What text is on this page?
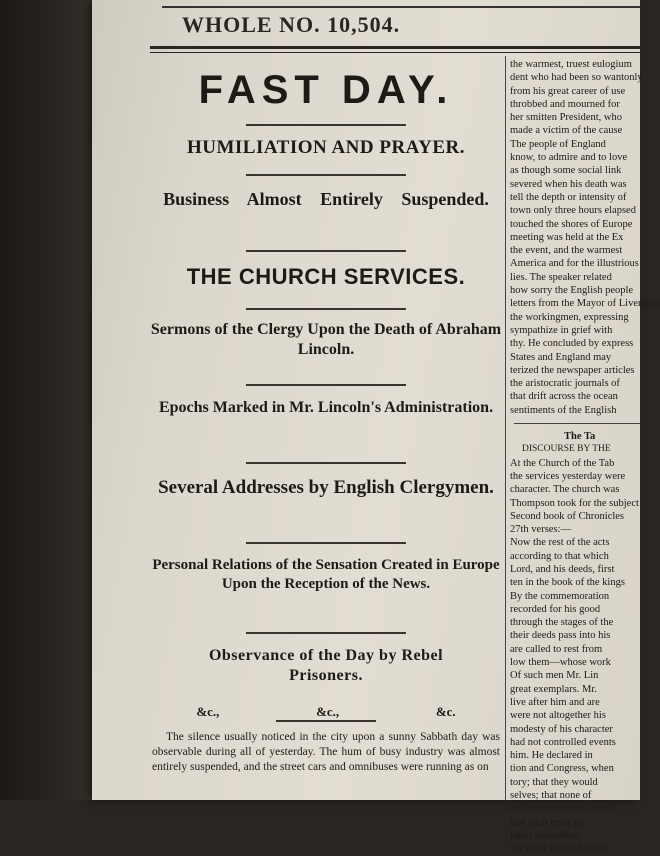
WHOLE NO. 10,504.
FAST DAY.
HUMILIATION AND PRAYER.
Business Almost Entirely Suspended.
THE CHURCH SERVICES.
Sermons of the Clergy Upon the Death of Abraham Lincoln.
Epochs Marked in Mr. Lincoln's Administration.
Several Addresses by English Clergymen.
Personal Relations of the Sensation Created in Europe Upon the Reception of the News.
Observance of the Day by Rebel
Prisoners.
&c.,	&c.,	&c.
The silence usually noticed in the city upon a sunny Sabbath day was observable during all of yesterday. The hum of busy industry was almost entirely suspended, and the street cars and omnibuses were running as on
the warmest, truest eulogium
dent who had been so wantonly
from his great career of use
throbbed and mourned for
her smitten President, who
made a victim of the cause
The people of England
know, to admire and to love
as though some social link
severed when his death was
tell the depth or intensity of
town only three hours elapsed
touched the shores of Europe
meeting was held at the Ex
the event, and the warmest
America and for the illustrious
lies. The speaker related
how sorry the English people
letters from the Mayor of Liverpool
the workingmen, expressing
sympathize in grief with
thy. He concluded by express
States and England may
terized the newspaper articles
the aristocratic journals of
that drift across the ocean
sentiments of the English
The Ta
DISCOURSE BY THE
At the Church of the Tab
the services yesterday were
character. The church was
Thompson took for the subject
Second book of Chronicles
27th verses:—
Now the rest of the acts
according to that which
Lord, and his deeds, first
ten in the book of the kings
By the commemoration
recorded for his good
through the stages of the
their deeds pass into his
are called to rest from
low them—whose work
Of such men Mr. Lin
great exemplars. Mr.
live after him and are
were not altogether his
modesty of his character
had not controlled events
him. He declared in
tion and Congress, when
tory; that they would
selves; that none of
nificant in station, could
that each must go
latest generation.
we work for the Union
